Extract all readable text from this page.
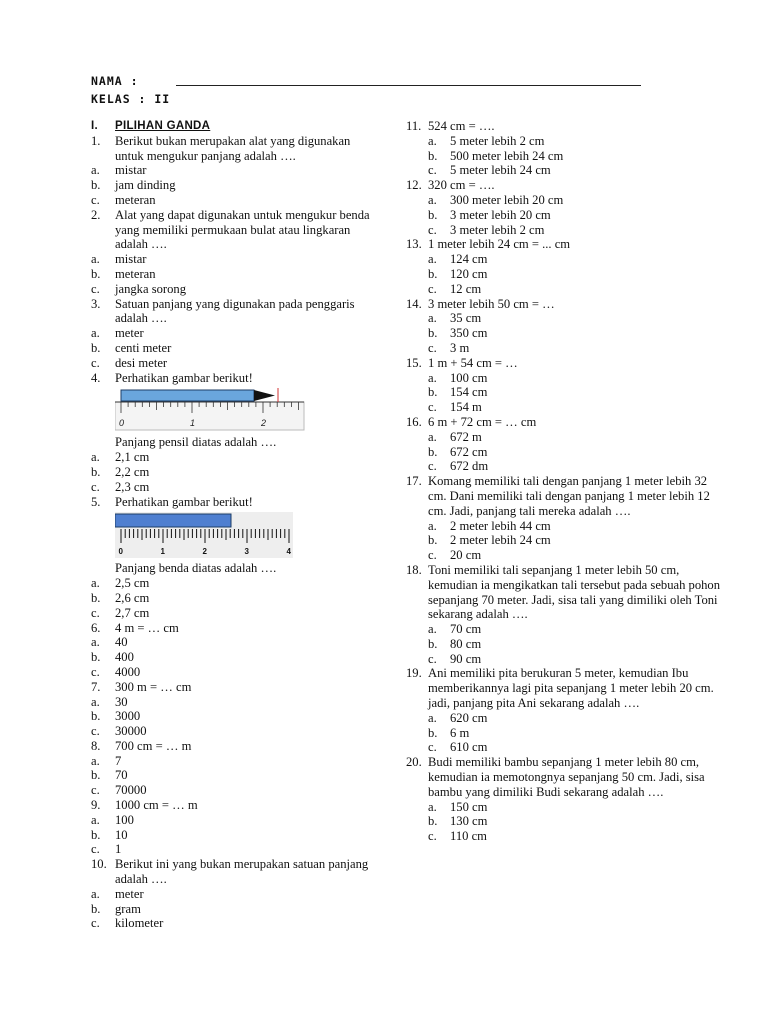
NAMA :
KELAS : II
I.	PILIHAN GANDA
1. Berikut bukan merupakan alat yang digunakan untuk mengukur panjang adalah ….
a. mistar
b. jam dinding
c. meteran
2. Alat yang dapat digunakan untuk mengukur benda yang memiliki permukaan bulat atau lingkaran adalah ….
a. mistar
b. meteran
c. jangka sorong
3. Satuan panjang yang digunakan pada penggaris adalah ….
a. meter
b. centi meter
c. desi meter
4. Perhatikan gambar berikut!
0	1	2
Panjang pensil diatas adalah ….
a. 2,1 cm
b. 2,2 cm
c. 2,3 cm
5. Perhatikan gambar berikut!
0	1	2	3	4
Panjang benda diatas adalah ….
a. 2,5 cm
b. 2,6 cm
c. 2,7 cm
6. 4 m = … cm
a. 40
b. 400
c. 4000
7. 300 m = … cm
a. 30
b. 3000
c. 30000
8. 700 cm = … m
a. 7
b. 70
c. 70000
9. 1000 cm = … m
a. 100
b. 10
c. 1
10. Berikut ini yang bukan merupakan satuan panjang adalah ….
a. meter
b. gram
c. kilometer
11. 524 cm = ….
a. 5 meter lebih 2 cm
b. 500 meter lebih 24 cm
c. 5 meter lebih 24 cm
12. 320 cm = ….
a. 300 meter lebih 20 cm
b. 3 meter lebih 20 cm
c. 3 meter lebih 2 cm
13. 1 meter lebih 24 cm = ... cm
a. 124 cm
b. 120 cm
c. 12 cm
14. 3 meter lebih 50 cm = …
a. 35 cm
b. 350 cm
c. 3 m
15. 1 m + 54 cm = …
a. 100 cm
b. 154 cm
c. 154 m
16. 6 m + 72 cm = … cm
a. 672 m
b. 672 cm
c. 672 dm
17. Komang memiliki tali dengan panjang 1 meter lebih 32 cm. Dani memiliki tali dengan panjang 1 meter lebih 12 cm. Jadi, panjang tali mereka adalah ….
a. 2 meter lebih 44 cm
b. 2 meter lebih 24 cm
c. 20 cm
18. Toni memiliki tali sepanjang 1 meter lebih 50 cm, kemudian ia mengikatkan tali tersebut pada sebuah pohon sepanjang 70 meter. Jadi, sisa tali yang dimiliki oleh Toni sekarang adalah ….
a. 70 cm
b. 80 cm
c. 90 cm
19. Ani memiliki pita berukuran 5 meter, kemudian Ibu memberikannya lagi pita sepanjang 1 meter lebih 20 cm. jadi, panjang pita Ani sekarang adalah ….
a. 620 cm
b. 6 m
c. 610 cm
20. Budi memiliki bambu sepanjang 1 meter lebih 80 cm, kemudian ia memotongnya sepanjang 50 cm. Jadi, sisa bambu yang dimiliki Budi sekarang adalah ….
a. 150 cm
b. 130 cm
c. 110 cm
